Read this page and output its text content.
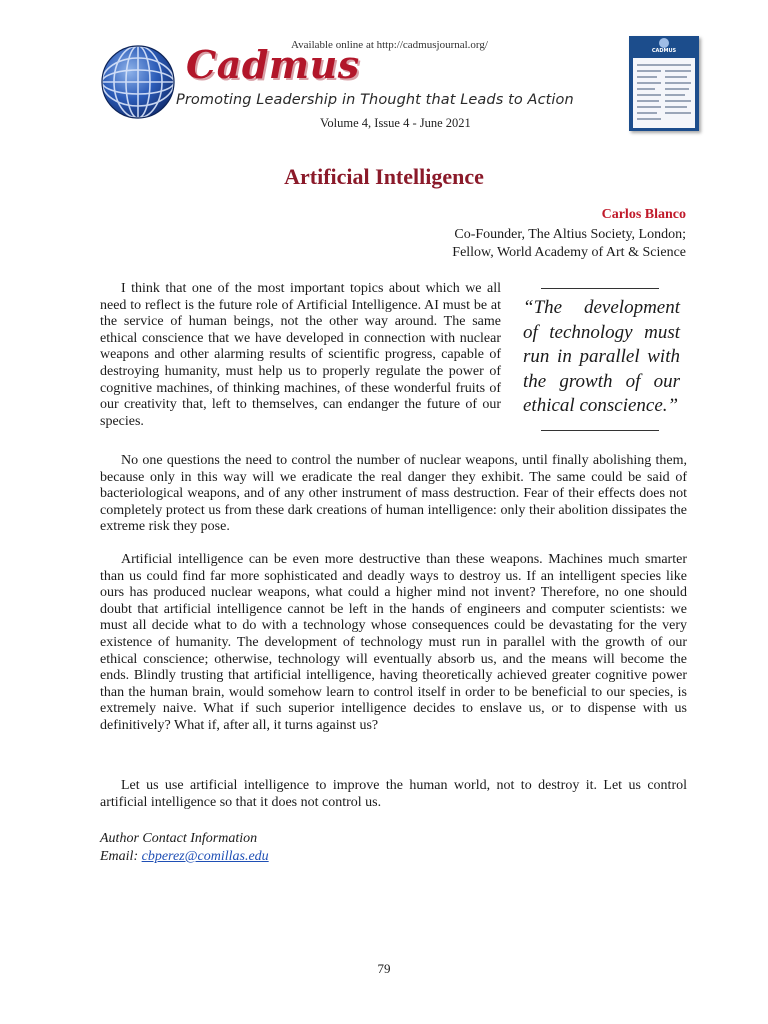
Available online at http://cadmusjournal.org/
Cadmus
Promoting Leadership in Thought that Leads to Action
Volume 4, Issue 4 - June 2021
CADMUS
Artificial Intelligence
Carlos Blanco
Co-Founder, The Altius Society, London;
Fellow, World Academy of Art & Science

I think that one of the most important topics about which we all need to reflect is the future role of Artificial Intelligence. AI must be at the service of human beings, not the other way around. The same ethical conscience that we have developed in connection with nuclear weapons and other alarming results of scientific progress, capable of destroying humanity, must help us to properly regulate the power of cognitive machines, of thinking machines, of these wonderful fruits of our creativity that, left to themselves, can endanger the future of our species.

“The development of technology must run in parallel with the growth of our ethical conscience.”

No one questions the need to control the number of nuclear weapons, until finally abolishing them, because only in this way will we eradicate the real danger they exhibit. The same could be said of bacteriological weapons, and of any other instrument of mass destruction. Fear of their effects does not completely protect us from these dark creations of human intelligence: only their abolition dissipates the extreme risk they pose.

Artificial intelligence can be even more destructive than these weapons. Machines much smarter than us could find far more sophisticated and deadly ways to destroy us. If an intelligent species like ours has produced nuclear weapons, what could a higher mind not invent? Therefore, no one should doubt that artificial intelligence cannot be left in the hands of engineers and computer scientists: we must all decide what to do with a technology whose consequences could be devastating for the very existence of humanity. The development of technology must run in parallel with the growth of our ethical conscience; otherwise, technology will eventually absorb us, and the means will become the ends. Blindly trusting that artificial intelligence, having theoretically achieved greater cognitive power than the human brain, would somehow learn to control itself in order to be beneficial to our species, is extremely naive. What if such superior intelligence decides to enslave us, or to dispense with us definitively? What if, after all, it turns against us?

Let us use artificial intelligence to improve the human world, not to destroy it. Let us control artificial intelligence so that it does not control us.

Author Contact Information
Email: cbperez@comillas.edu
79
